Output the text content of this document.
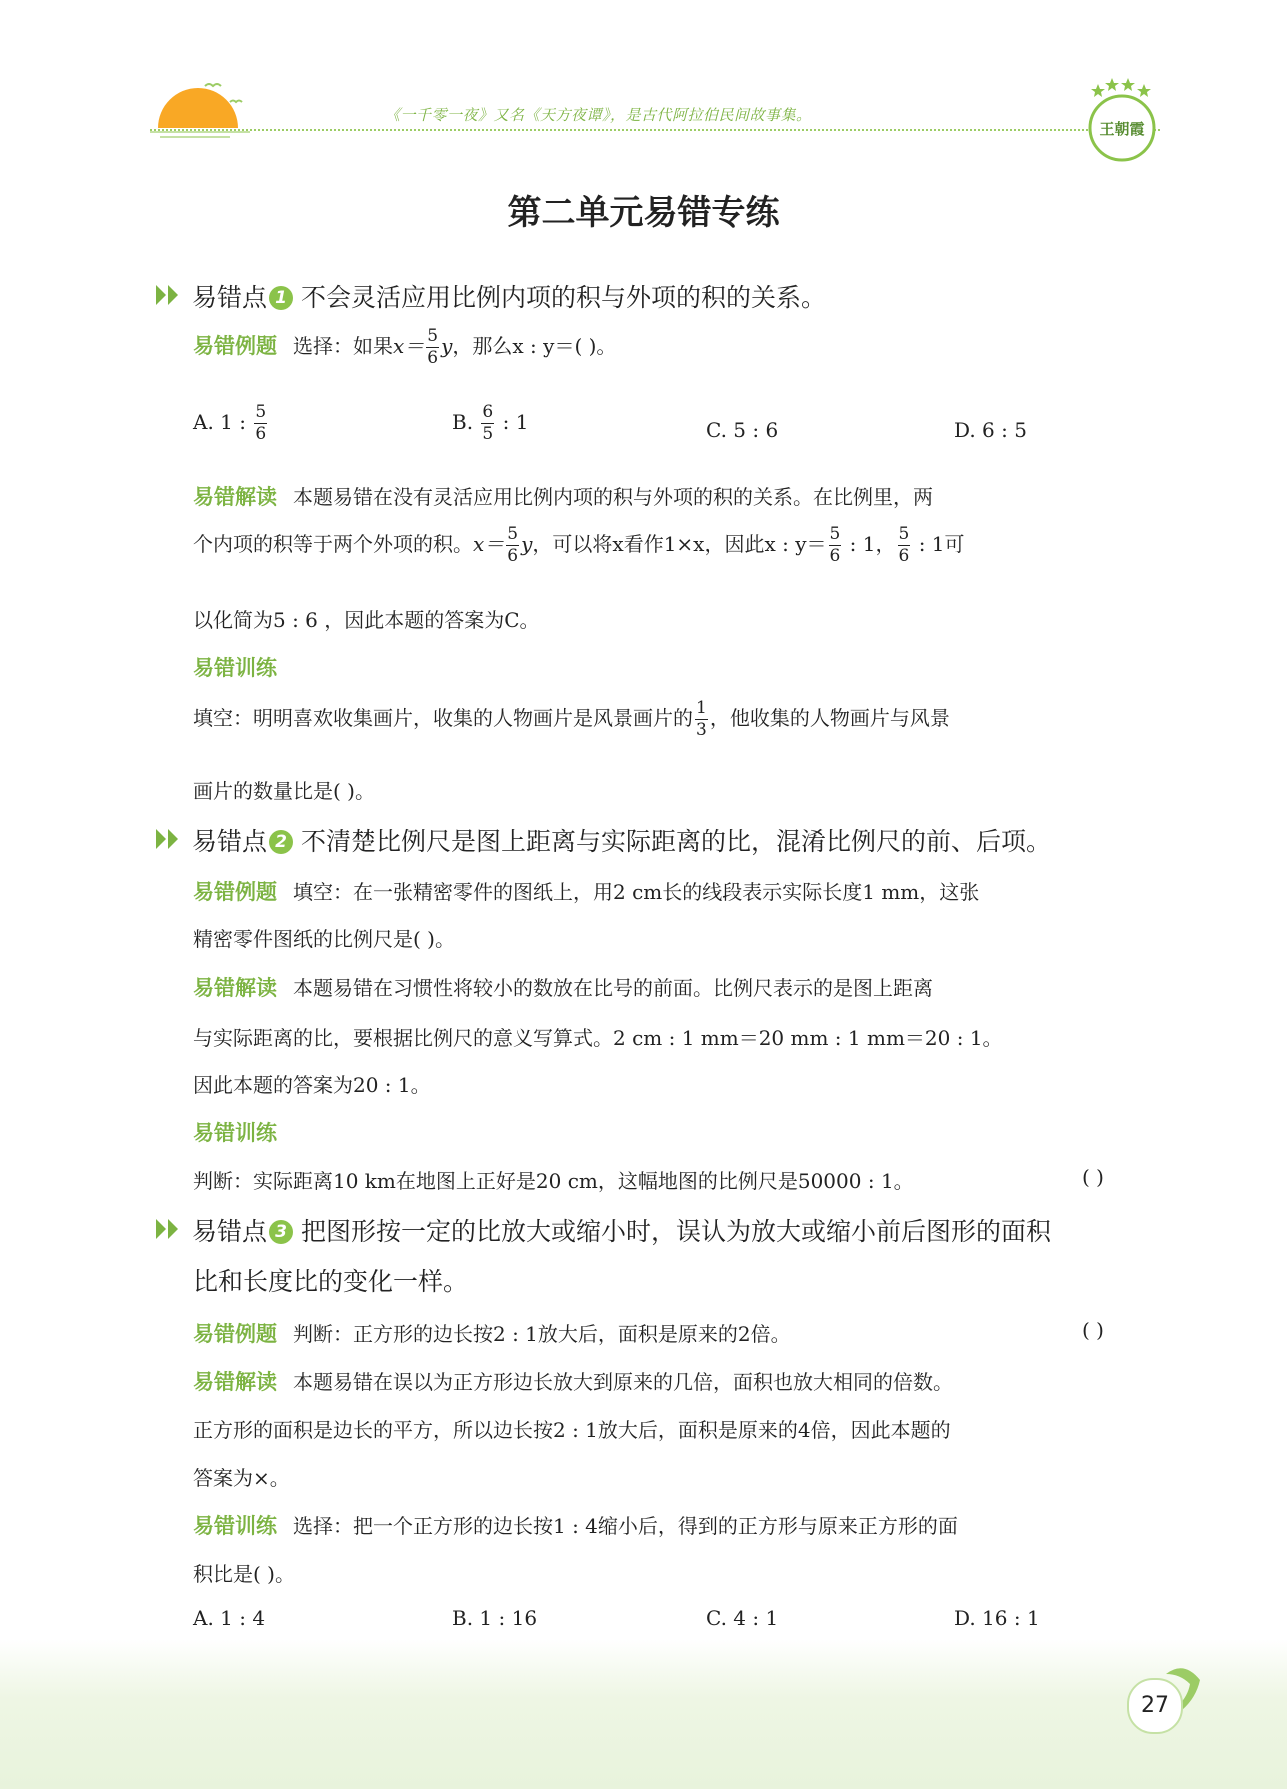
《一千零一夜》又名《天方夜谭》，是古代阿拉伯民间故事集。
王朝霞
第二单元易错专练
易错点 1 不会灵活应用比例内项的积与外项的积的关系。
易错例题 选择：如果$x= \frac{5}{6}$ y，那么x : y＝( )。
A. 1 : $\frac{5}{6}$	B. $\frac{6}{5}$ : 1	C. 5 : 6	D. 6 : 5
易错解读 本题易错在没有灵活应用比例内项的积与外项的积的关系。在比例里，两
个内项的积等于两个外项的积。$x= \frac{5}{6}$ y，可以将x看作1×x，因此x : $y= \frac{5}{6}$ : 1， $\frac{5}{6}$ : 1可
以化简为5 : 6 ，因此本题的答案为C。
易错训练
填空：明明喜欢收集画片，收集的人物画片是风景画片的 $\frac{1}{3}$ ，他收集的人物画片与风景
画片的数量比是( )。
易错点 2 不清楚比例尺是图上距离与实际距离的比，混淆比例尺的前、后项。
易错例题 填空：在一张精密零件的图纸上，用2 cm长的线段表示实际长度1 mm，这张
精密零件图纸的比例尺是( )。
易错解读 本题易错在习惯性将较小的数放在比号的前面。比例尺表示的是图上距离
与实际距离的比，要根据比例尺的意义写算式。2 cm : 1 mm＝20 mm : 1 mm＝20 : 1。
因此本题的答案为20 : 1。
易错训练
判断：实际距离10 km在地图上正好是20 cm，这幅地图的比例尺是50000 : 1。	( )
易错点 3 把图形按一定的比放大或缩小时，误认为放大或缩小前后图形的面积
比和长度比的变化一样。
易错例题 判断：正方形的边长按2 : 1放大后，面积是原来的2倍。	( )
易错解读 本题易错在误以为正方形边长放大到原来的几倍，面积也放大相同的倍数。
正方形的面积是边长的平方，所以边长按2 : 1放大后，面积是原来的4倍，因此本题的
答案为×。
易错训练 选择：把一个正方形的边长按1 : 4缩小后，得到的正方形与原来正方形的面
积比是( )。
A. 1 : 4	B. 1 : 16	C. 4 : 1	D. 16 : 1
27
